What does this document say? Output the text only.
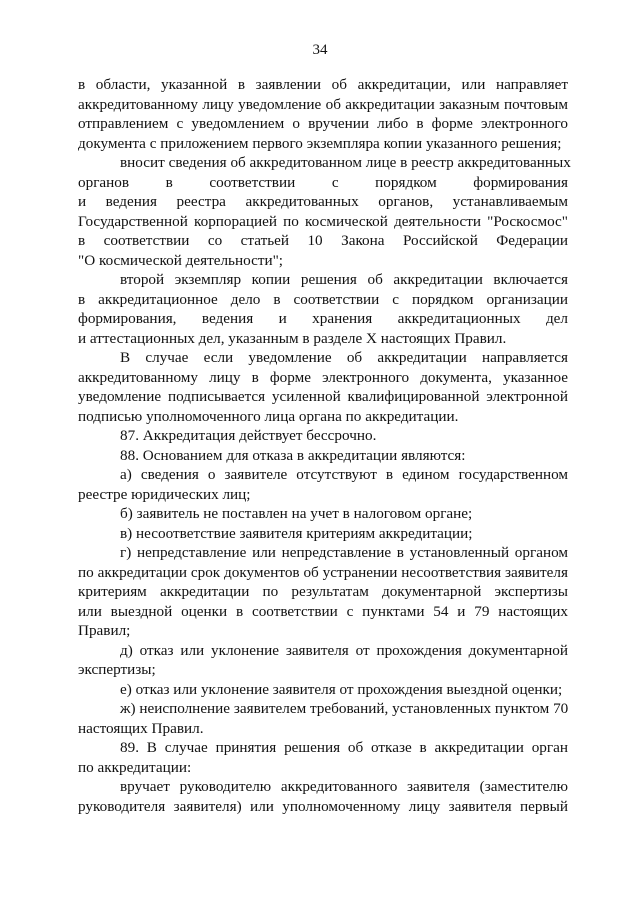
34
в области, указанной в заявлении об аккредитации, или направляет
аккредитованному лицу уведомление об аккредитации заказным почтовым
отправлением с уведомлением о вручении либо в форме электронного
документа с приложением первого экземпляра копии указанного решения;
вносит сведения об аккредитованном лице в реестр аккредитованных
органов в соответствии с порядком формирования
и ведения реестра аккредитованных органов, устанавливаемым
Государственной корпорацией по космической деятельности "Роскосмос"
в соответствии со статьей 10 Закона Российской Федерации
"О космической деятельности";
второй экземпляр копии решения об аккредитации включается
в аккредитационное дело в соответствии с порядком организации
формирования, ведения и хранения аккредитационных дел
и аттестационных дел, указанным в разделе X настоящих Правил.
В случае если уведомление об аккредитации направляется
аккредитованному лицу в форме электронного документа, указанное
уведомление подписывается усиленной квалифицированной электронной
подписью уполномоченного лица органа по аккредитации.
87. Аккредитация действует бессрочно.
88. Основанием для отказа в аккредитации являются:
а) сведения о заявителе отсутствуют в едином государственном
реестре юридических лиц;
б) заявитель не поставлен на учет в налоговом органе;
в) несоответствие заявителя критериям аккредитации;
г) непредставление или непредставление в установленный органом
по аккредитации срок документов об устранении несоответствия заявителя
критериям аккредитации по результатам документарной экспертизы
или выездной оценки в соответствии с пунктами 54 и 79 настоящих
Правил;
д) отказ или уклонение заявителя от прохождения документарной
экспертизы;
е) отказ или уклонение заявителя от прохождения выездной оценки;
ж) неисполнение заявителем требований, установленных пунктом 70
настоящих Правил.
89. В случае принятия решения об отказе в аккредитации орган
по аккредитации:
вручает руководителю аккредитованного заявителя (заместителю
руководителя заявителя) или уполномоченному лицу заявителя первый
